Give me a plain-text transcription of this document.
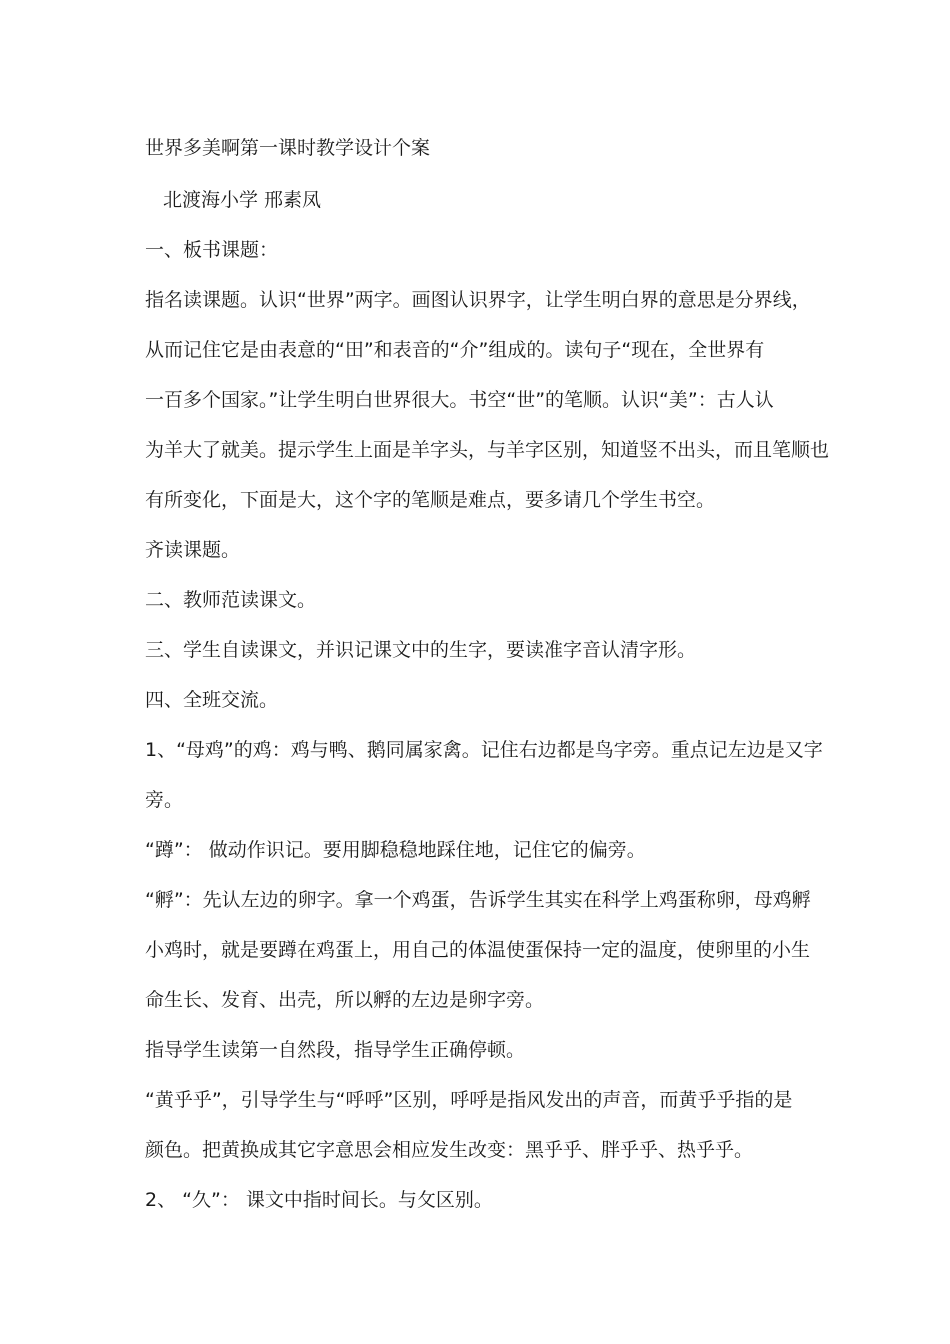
世界多美啊第一课时教学设计个案
北渡海小学 邢素凤
一、板书课题：
指名读课题。认识“世界”两字。画图认识界字，让学生明白界的意思是分界线，
从而记住它是由表意的“田”和表音的“介”组成的。读句子“现在，全世界有
一百多个国家。”让学生明白世界很大。书空“世”的笔顺。认识“美”：古人认
为羊大了就美。提示学生上面是羊字头，与羊字区别，知道竖不出头，而且笔顺也
有所变化，下面是大，这个字的笔顺是难点，要多请几个学生书空。
齐读课题。
二、教师范读课文。
三、学生自读课文，并识记课文中的生字，要读准字音认清字形。
四、全班交流。
1、“母鸡”的鸡：鸡与鸭、鹅同属家禽。记住右边都是鸟字旁。重点记左边是又字
旁。
“蹲”： 做动作识记。要用脚稳稳地踩住地，记住它的偏旁。
“孵”：先认左边的卵字。拿一个鸡蛋，告诉学生其实在科学上鸡蛋称卵，母鸡孵
小鸡时，就是要蹲在鸡蛋上，用自己的体温使蛋保持一定的温度，使卵里的小生
命生长、发育、出壳，所以孵的左边是卵字旁。
指导学生读第一自然段，指导学生正确停顿。
“黄乎乎”，引导学生与“呼呼”区别，呼呼是指风发出的声音，而黄乎乎指的是
颜色。把黄换成其它字意思会相应发生改变：黑乎乎、胖乎乎、热乎乎。
2、 “久”： 课文中指时间长。与攵区别。
